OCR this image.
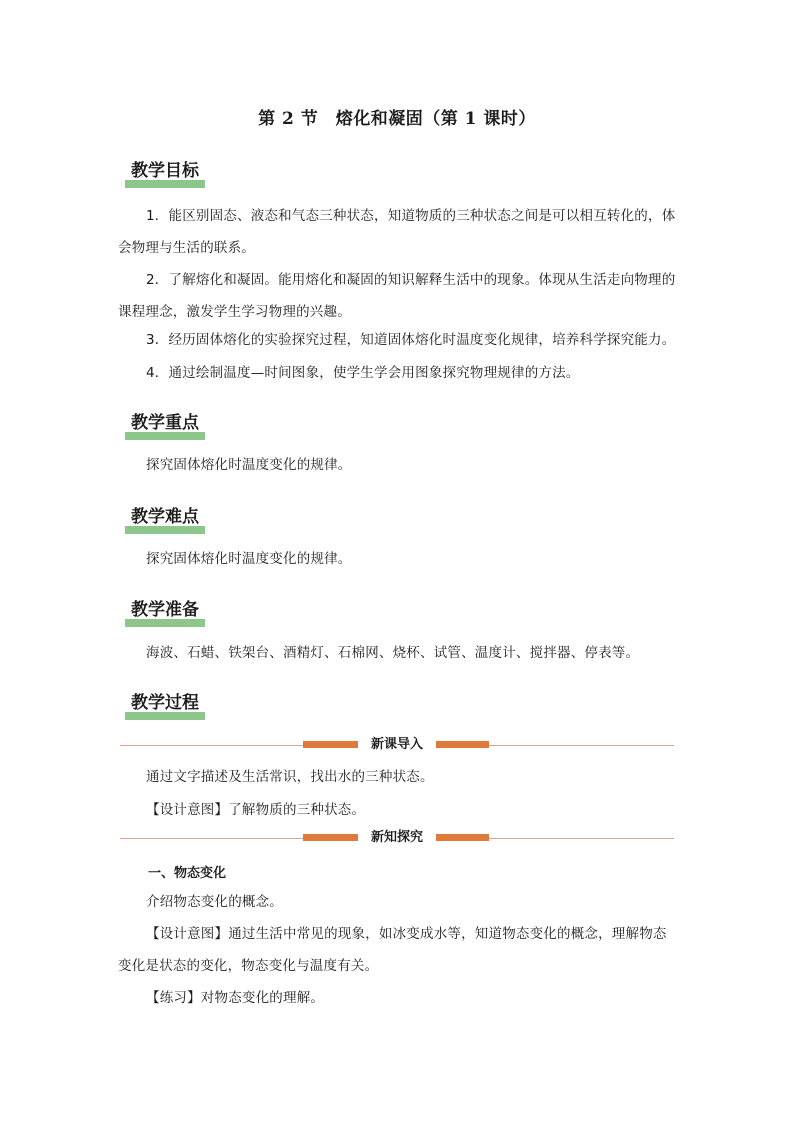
第 2 节　熔化和凝固（第 1 课时）
教学目标
1．能区别固态、液态和气态三种状态，知道物质的三种状态之间是可以相互转化的，体会物理与生活的联系。
2．了解熔化和凝固。能用熔化和凝固的知识解释生活中的现象。体现从生活走向物理的课程理念，激发学生学习物理的兴趣。
3．经历固体熔化的实验探究过程，知道固体熔化时温度变化规律，培养科学探究能力。
4．通过绘制温度—时间图象，使学生学会用图象探究物理规律的方法。
教学重点
探究固体熔化时温度变化的规律。
教学难点
探究固体熔化时温度变化的规律。
教学准备
海波、石蜡、铁架台、酒精灯、石棉网、烧杯、试管、温度计、搅拌器、停表等。
教学过程
新课导入
通过文字描述及生活常识，找出水的三种状态。
【设计意图】了解物质的三种状态。
新知探究
一、物态变化
介绍物态变化的概念。
【设计意图】通过生活中常见的现象，如冰变成水等，知道物态变化的概念，理解物态变化是状态的变化，物态变化与温度有关。
【练习】对物态变化的理解。
